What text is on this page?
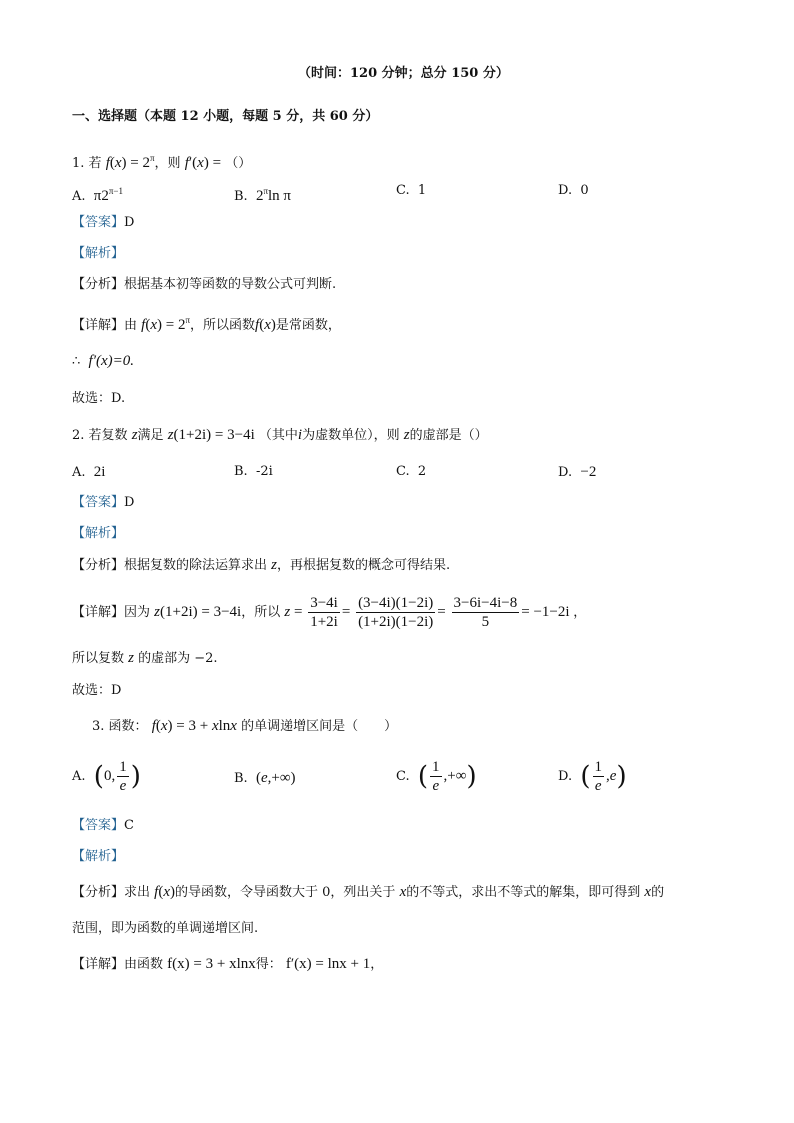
（时间：120 分钟；总分 150 分）
一、选择题（本题 12 小题，每题 5 分，共 60 分）
1. 若 $f(x) = 2^\pi$，则 f′(x) = （）
A. $\pi 2^{\pi-1}$	B. $2^\pi\ln$ π	C. 1	D. 0
【答案】D
【解析】
【分析】根据基本初等函数的导数公式可判断.
【详解】由 $f(x) = 2^\pi$，所以函数f(x)是常函数，
∴ f′(x)=0.
故选：D.
2. 若复数 z满足 z(1+2i) = 3−4i （其中i为虚数单位），则 z的虚部是（）
A. 2i	B. -2i	C. 2	D. −2
【答案】D
【解析】
【分析】根据复数的除法运算求出 z，再根据复数的概念可得结果.
【详解】因为 z(1+2i) = 3−4i，所以 $z = \frac{3-4i}{1+2i} = \frac{(3-4i)(1-2i)}{(1+2i)(1-2i)} = \frac{3-6i-4i-8}{5} = -1-2i$ ，
所以复数 z 的虚部为 −2.
故选：D
3. 函数： f(x) = 3 + xlnx 的单调递增区间是（　　）
A. (0, $\frac{1}{e}$ )	B. (e,+∞)	C. ( $\frac{1}{e}$ ,+∞)	D. ( $\frac{1}{e} ,e$)
【答案】C
【解析】
【分析】求出 f(x)的导函数，令导函数大于 0，列出关于 x的不等式，求出不等式的解集，即可得到 x的
范围，即为函数的单调递增区间.
【详解】由函数 f(x) = 3 + xlnx得： f′(x) = lnx + 1，
